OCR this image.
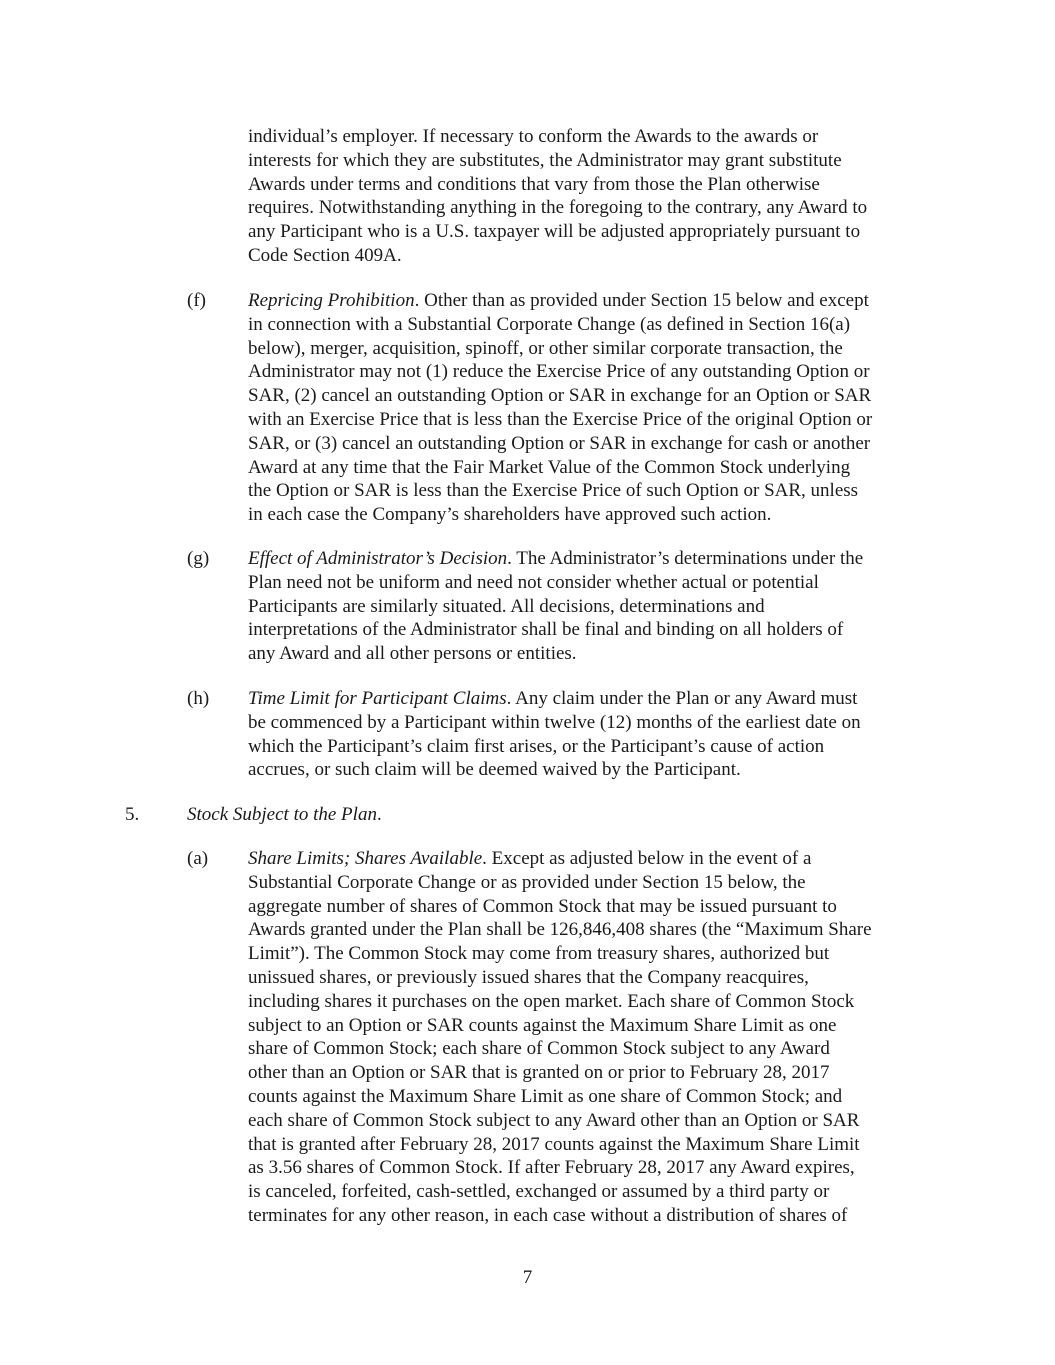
individual’s employer. If necessary to conform the Awards to the awards or
interests for which they are substitutes, the Administrator may grant substitute
Awards under terms and conditions that vary from those the Plan otherwise
requires. Notwithstanding anything in the foregoing to the contrary, any Award to
any Participant who is a U.S. taxpayer will be adjusted appropriately pursuant to
Code Section 409A.
(f) Repricing Prohibition. Other than as provided under Section 15 below and except
in connection with a Substantial Corporate Change (as defined in Section 16(a)
below), merger, acquisition, spinoff, or other similar corporate transaction, the
Administrator may not (1) reduce the Exercise Price of any outstanding Option or
SAR, (2) cancel an outstanding Option or SAR in exchange for an Option or SAR
with an Exercise Price that is less than the Exercise Price of the original Option or
SAR, or (3) cancel an outstanding Option or SAR in exchange for cash or another
Award at any time that the Fair Market Value of the Common Stock underlying
the Option or SAR is less than the Exercise Price of such Option or SAR, unless
in each case the Company’s shareholders have approved such action.
(g) Effect of Administrator’s Decision. The Administrator’s determinations under the
Plan need not be uniform and need not consider whether actual or potential
Participants are similarly situated. All decisions, determinations and
interpretations of the Administrator shall be final and binding on all holders of
any Award and all other persons or entities.
(h) Time Limit for Participant Claims. Any claim under the Plan or any Award must
be commenced by a Participant within twelve (12) months of the earliest date on
which the Participant’s claim first arises, or the Participant’s cause of action
accrues, or such claim will be deemed waived by the Participant.
5.	Stock Subject to the Plan.
(a) Share Limits; Shares Available. Except as adjusted below in the event of a
Substantial Corporate Change or as provided under Section 15 below, the
aggregate number of shares of Common Stock that may be issued pursuant to
Awards granted under the Plan shall be 126,846,408 shares (the “Maximum Share
Limit”). The Common Stock may come from treasury shares, authorized but
unissued shares, or previously issued shares that the Company reacquires,
including shares it purchases on the open market. Each share of Common Stock
subject to an Option or SAR counts against the Maximum Share Limit as one
share of Common Stock; each share of Common Stock subject to any Award
other than an Option or SAR that is granted on or prior to February 28, 2017
counts against the Maximum Share Limit as one share of Common Stock; and
each share of Common Stock subject to any Award other than an Option or SAR
that is granted after February 28, 2017 counts against the Maximum Share Limit
as 3.56 shares of Common Stock. If after February 28, 2017 any Award expires,
is canceled, forfeited, cash-settled, exchanged or assumed by a third party or
terminates for any other reason, in each case without a distribution of shares of
7
